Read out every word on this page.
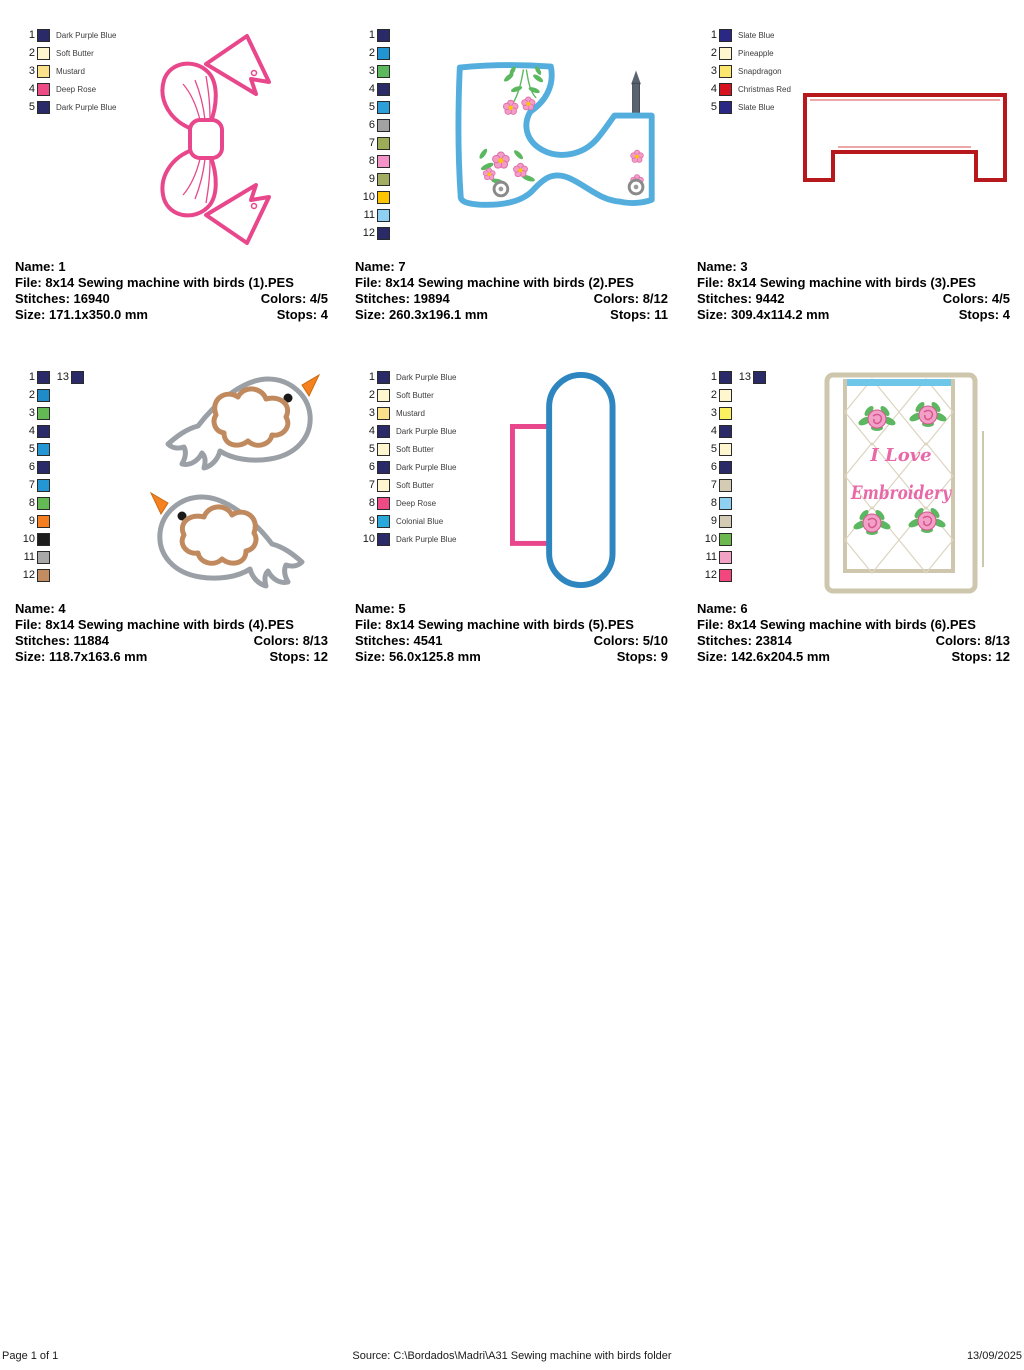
1	Dark Purple Blue
2	Soft Butter
3	Mustard
4	Deep Rose
5	Dark Purple Blue
Name: 1
File: 8x14 Sewing machine with birds (1).PES
Stitches: 16940	Colors: 4/5
Size: 171.1x350.0 mm	Stops: 4
1
2
3
4
5
6
7
8
9
10
11
12
Name: 7
File: 8x14 Sewing machine with birds (2).PES
Stitches: 19894	Colors: 8/12
Size: 260.3x196.1 mm	Stops: 11
1	Slate Blue
2	Pineapple
3	Snapdragon
4	Christmas Red
5	Slate Blue
Name: 3
File: 8x14 Sewing machine with birds (3).PES
Stitches: 9442	Colors: 4/5
Size: 309.4x114.2 mm	Stops: 4
1	13
2
3
4
5
6
7
8
9
10
11
12
Name: 4
File: 8x14 Sewing machine with birds (4).PES
Stitches: 11884	Colors: 8/13
Size: 118.7x163.6 mm	Stops: 12
1	Dark Purple Blue
2	Soft Butter
3	Mustard
4	Dark Purple Blue
5	Soft Butter
6	Dark Purple Blue
7	Soft Butter
8	Deep Rose
9	Colonial Blue
10	Dark Purple Blue
Name: 5
File: 8x14 Sewing machine with birds (5).PES
Stitches: 4541	Colors: 5/10
Size: 56.0x125.8 mm	Stops: 9
1	13
2
3
4
5
6
7
8
9
10
11
12
I Love
Embroidery
Name: 6
File: 8x14 Sewing machine with birds (6).PES
Stitches: 23814	Colors: 8/13
Size: 142.6x204.5 mm	Stops: 12
Source: C:\Bordados\Madri\A31 Sewing machine with birds folder
Page 1 of 1	13/09/2025
